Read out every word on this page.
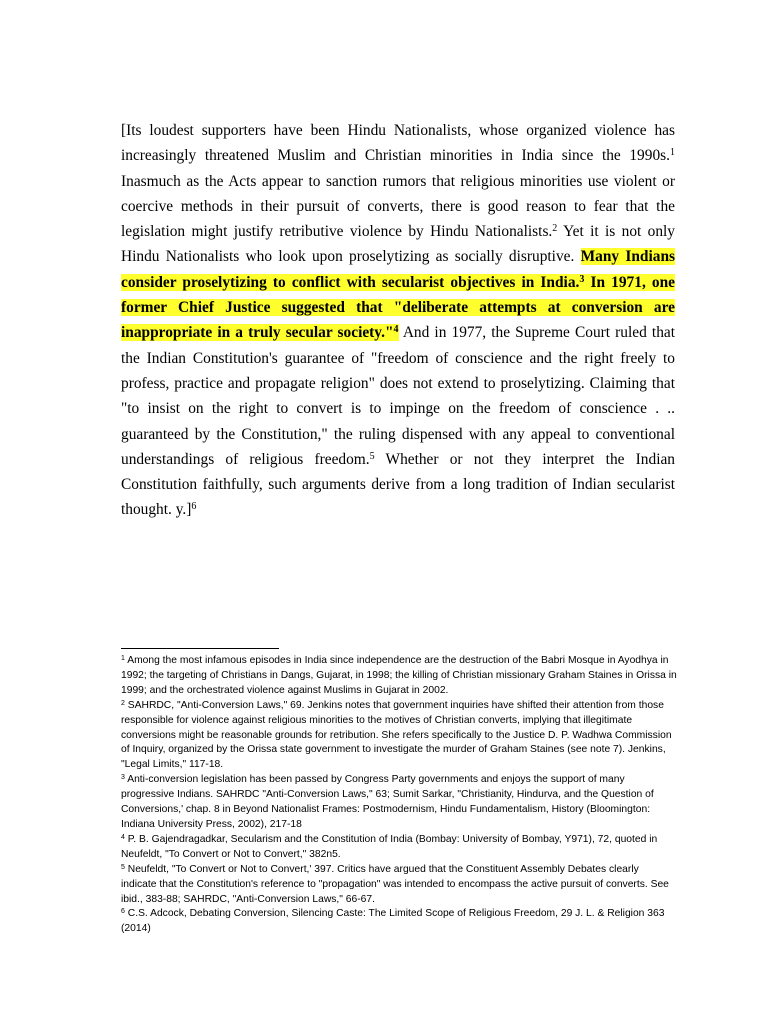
[Its loudest supporters have been Hindu Nationalists, whose organized violence has increasingly threatened Muslim and Christian minorities in India since the 1990s.$^1$ Inasmuch as the Acts appear to sanction rumors that religious minorities use violent or coercive methods in their pursuit of converts, there is good reason to fear that the legislation might justify retributive violence by Hindu Nationalists.$^2$ Yet it is not only Hindu Nationalists who look upon proselytizing as socially disruptive. Many Indians consider proselytizing to conflict with secularist objectives in India.$^3$ In 1971, one former Chief Justice suggested that "deliberate attempts at conversion are inappropriate in a truly secular society."$^4$ And in 1977, the Supreme Court ruled that the Indian Constitution's guarantee of "freedom of conscience and the right freely to profess, practice and propagate religion" does not extend to proselytizing. Claiming that "to insist on the right to convert is to impinge on the freedom of conscience . .. guaranteed by the Constitution," the ruling dispensed with any appeal to conventional understandings of religious freedom.$^5$ Whether or not they interpret the Indian Constitution faithfully, such arguments derive from a long tradition of Indian secularist thought. y.]$^6$

$^1$ Among the most infamous episodes in India since independence are the destruction of the Babri Mosque in Ayodhya in 1992; the targeting of Christians in Dangs, Gujarat, in 1998; the killing of Christian missionary Graham Staines in Orissa in 1999; and the orchestrated violence against Muslims in Gujarat in 2002.

$^2$ SAHRDC, "Anti-Conversion Laws," 69. Jenkins notes that government inquiries have shifted their attention from those responsible for violence against religious minorities to the motives of Christian converts, implying that illegitimate conversions might be reasonable grounds for retribution. She refers specifically to the Justice D. P. Wadhwa Commission of Inquiry, organized by the Orissa state government to investigate the murder of Graham Staines (see note 7). Jenkins, "Legal Limits," 117-18.

$^3$ Anti-conversion legislation has been passed by Congress Party governments and enjoys the support of many progressive Indians. SAHRDC "Anti-Conversion Laws," 63; Sumit Sarkar, "Christianity, Hindurva, and the Question of Conversions,' chap. 8 in Beyond Nationalist Frames: Postmodernism, Hindu Fundamentalism, History (Bloomington: Indiana University Press, 2002), 217-18

$^4$ P. B. Gajendragadkar, Secularism and the Constitution of India (Bombay: University of Bombay, Y971), 72, quoted in Neufeldt, "To Convert or Not to Convert," 382n5.

$^5$ Neufeldt, "To Convert or Not to Convert,' 397. Critics have argued that the Constituent Assembly Debates clearly indicate that the Constitution's reference to "propagation" was intended to encompass the active pursuit of converts. See ibid., 383-88; SAHRDC, "Anti-Conversion Laws," 66-67.

$^6$ C.S. Adcock, Debating Conversion, Silencing Caste: The Limited Scope of Religious Freedom, 29 J. L. & Religion 363 (2014)
